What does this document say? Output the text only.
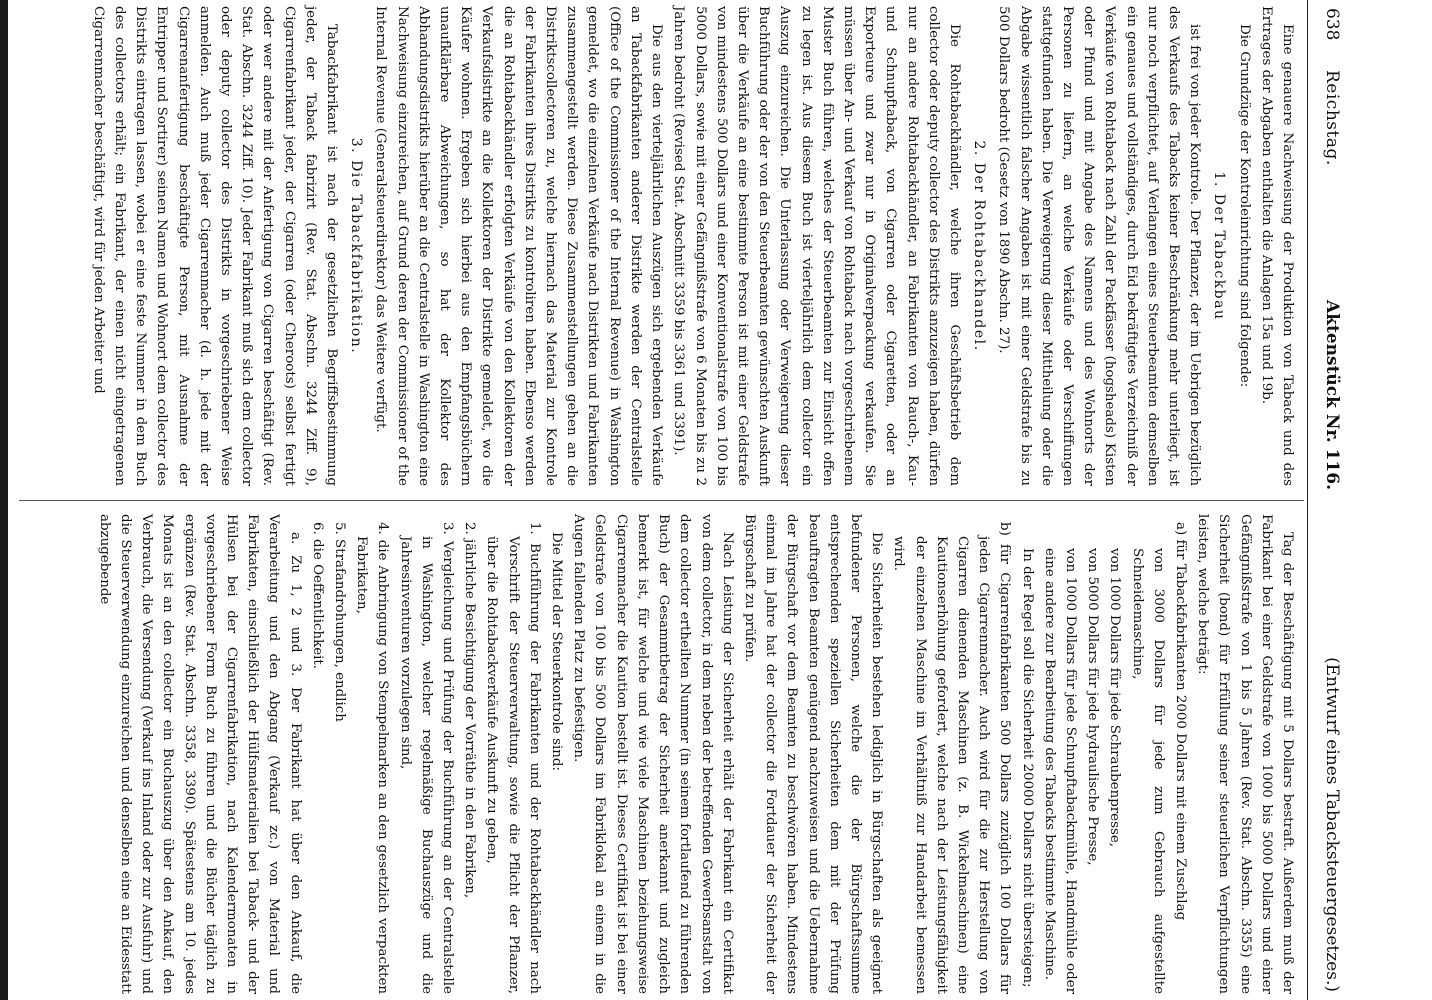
638
Reichstag.
Aktenstück Nr. 116.
(Entwurf eines Tabacksteuergesetzes.)

Eine genauere Nachweisung der Produktion von Taback und des Ertrages der Abgaben enthalten die Anlagen 15a und 19b.

Die Grundzüge der Kontroleinrichtung sind folgende:

1. Der Tabackbau

ist frei von jeder Kontrole. Der Pflanzer, der im Uebrigen bezüglich des Verkaufs des Tabacks keiner Beschränkung mehr unterliegt, ist nur noch verpflichtet, auf Verlangen eines Steuerbeamten demselben ein genaues und vollständiges, durch Eid bekräftigtes Verzeichniß der Verkäufe von Rohtaback nach Zahl der Packfässer (hogsheads) Kisten oder Pfund und mit Angabe des Namens und des Wohnorts der Personen zu liefern, an welche Verkäufe oder Verschiffungen stattgefunden haben. Die Verweigerung dieser Mittheilung oder die Abgabe wissentlich falscher Angaben ist mit einer Geldstrafe bis zu 500 Dollars bedroht (Gesetz von 1890 Abschn. 27).

2. Der Rohtabackhandel.

Die Rohtabackhändler, welche ihren Geschäftsbetrieb dem collector oder deputy collector des Distrikts anzuzeigen haben, dürfen nur an andere Rohtabackhändler, an Fabrikanten von Rauch-, Kau- und Schnupftaback, von Cigarren oder Cigaretten, oder an Exporteure und zwar nur in Originalverpackung verkaufen. Sie müssen über An- und Verkauf von Rohtaback nach vorgeschriebenem Muster Buch führen, welches der Steuerbeamten zur Einsicht offen zu legen ist. Aus diesem Buch ist vierteljährlich dem collector ein Auszug einzureichen. Die Unterlassung oder Verweigerung dieser Buchführung oder der von den Steuerbeamten gewünschten Auskunft über die Verkäufe an eine bestimmte Person ist mit einer Geldstrafe von mindestens 500 Dollars und einer Konventionalstrafe von 100 bis 5000 Dollars, sowie mit einer Gefängnißstrafe von 6 Monaten bis zu 2 Jahren bedroht (Revised Stat. Abschnitt 3359 bis 3361 und 3391).

Die aus den vierteljährlichen Auszügen sich ergebenden Verkäufe an Tabackfabrikanten anderer Distrikte werden der Centralstelle (Office of the Commissioner of the Internal Revenue) in Washington gemeldet, wo die einzelnen Verkäufe nach Distrikten und Fabrikanten zusammengestellt werden. Diese Zusammenstellungen gehen an die Distriktscollectoren zu, welche hiernach das Material zur Kontrole der Fabrikanten ihres Distrikts zu kontroliren haben. Ebenso werden die an Rohtabackhändler erfolgten Verkäufe von den Kollektoren der Verkaufsdistrikte an die Kollektoren der Distrikte gemeldet, wo die Käufer wohnen. Ergeben sich hierbei aus den Empfangsbüchern unaufklärbare Abweichungen, so hat der Kollektor des Abhandungsdistrikts hierüber an die Centralstelle in Washington eine Nachweisung einzureichen, auf Grund deren der Commissioner of the Internal Revenue (Generalsteuerdirektor) das Weitere verfügt.

3. Die Tabackfabrikation.

Tabackfabrikant ist nach der gesetzlichen Begriffsbestimmung jeder, der Taback fabrizirt (Rev. Stat. Abschn. 3244 Ziff. 9), Cigarrenfabrikant jeder, der Cigarren (oder Cheroots) selbst fertigt oder wer andere mit der Anfertigung von Cigarren beschäftigt (Rev. Stat. Abschn. 3244 Ziff. 10). Jeder Fabrikant muß sich dem collector oder deputy collector des Distrikts in vorgeschriebener Weise anmelden. Auch muß jeder Cigarrenmacher (d. h. jede mit der Cigarrenanfertigung beschäftigte Person, mit Ausnahme der Entripper und Sortirer) seinen Namen und Wohnort dem collector des Distrikts eintragen lassen, wobei er eine feste Nummer in dem Buch des collectors erhält; ein Fabrikant, der einen nicht eingetragenen Cigarrenmacher beschäftigt, wird für jeden Arbeiter und

Tag der Beschäftigung mit 5 Dollars bestraft. Außerdem muß der Fabrikant bei einer Geldstrafe von 1000 bis 5000 Dollars und einer Gefängnißstrafe von 1 bis 5 Jahren (Rev. Stat. Abschn. 3355) eine Sicherheit (bond) für Erfüllung seiner steuerlichen Verpflichtungen leisten, welche beträgt:

a) für Tabackfabrikanten 2000 Dollars mit einem Zuschlag

von 3000 Dollars für jede zum Gebrauch aufgestellte Schneidemaschine,

von 1000 Dollars für jede Schraubenpresse,

von 5000 Dollars für jede hydraulische Presse,

von 1000 Dollars für jede Schnupftabackmühle, Handmühle oder eine andere zur Bearbeitung des Tabacks bestimmte Maschine.

In der Regel soll die Sicherheit 20000 Dollars nicht übersteigen;

b) für Cigarrenfabrikanten 500 Dollars zuzüglich 100 Dollars für jeden Cigarrenmacher. Auch wird für die zur Herstellung von Cigarren dienenden Maschinen (z. B. Wickelmaschinen) eine Kautionserhöhung gefordert, welche nach der Leistungsfähigkeit der einzelnen Maschine im Verhältniß zur Handarbeit bemessen wird.

Die Sicherheiten bestehen lediglich in Bürgschaften als geeignet befundener Personen, welche die der Bürgschaftssumme entsprechenden speziellen Sicherheiten dem mit der Prüfung beauftragten Beamten genügend nachzuweisen und die Uebernahme der Bürgschaft vor dem Beamten zu beschwören haben. Mindestens einmal im Jahre hat der collector die Fortdauer der Sicherheit der Bürgschaft zu prüfen.

Nach Leistung der Sicherheit erhält der Fabrikant ein Certifikat von dem collector, in dem neben der betreffenden Gewerbsanstalt von dem collector ertheilten Nummer (in seinem fortlaufend zu führenden Buch) der Gesammtbetrag der Sicherheit anerkannt und zugleich bemerkt ist, für welche und wie viele Maschinen beziehungsweise Cigarrenmacher die Kaution bestellt ist. Dieses Certifikat ist bei einer Geldstrafe von 100 bis 500 Dollars im Fabriklokal an einem in die Augen fallenden Platz zu befestigen.

Die Mittel der Steuerkontrole sind:

1. Buchführung der Fabrikanten und der Rohtabackhändler nach Vorschrift der Steuerverwaltung, sowie die Pflicht der Pflanzer, über die Rohtabackverkäufe Auskunft zu geben,

2. jährliche Besichtigung der Vorräthe in den Fabriken,

3. Vergleichung und Prüfung der Buchführung an der Centralstelle in Washington, welcher regelmäßige Buchauszüge und die Jahresinventuren vorzulegen sind,

4. die Anbringung von Stempelmarken an den gesetzlich verpackten Fabrikaten,

5. Strafandrohungen, endlich

6. die Oeffentlichkeit.

a. Zu 1, 2 und 3. Der Fabrikant hat über den Ankauf, die Verarbeitung und den Abgang (Verkauf zc.) von Material und Fabrikaten, einschließlich der Hülfsmaterialien bei Taback- und der Hülsen bei der Cigarrenfabrikation, nach Kalendermonaten in vorgeschriebener Form Buch zu führen und die Bücher täglich zu ergänzen (Rev. Stat. Abschn. 3358, 3390). Spätestens am 10. jedes Monats ist an den collector ein Buchauszug über den Ankauf, den Verbrauch, die Versendung (Verkauf ins Inland oder zur Ausfuhr) und die Steuerverwendung einzureichen und denselben eine an Eidesstatt abzugebende
